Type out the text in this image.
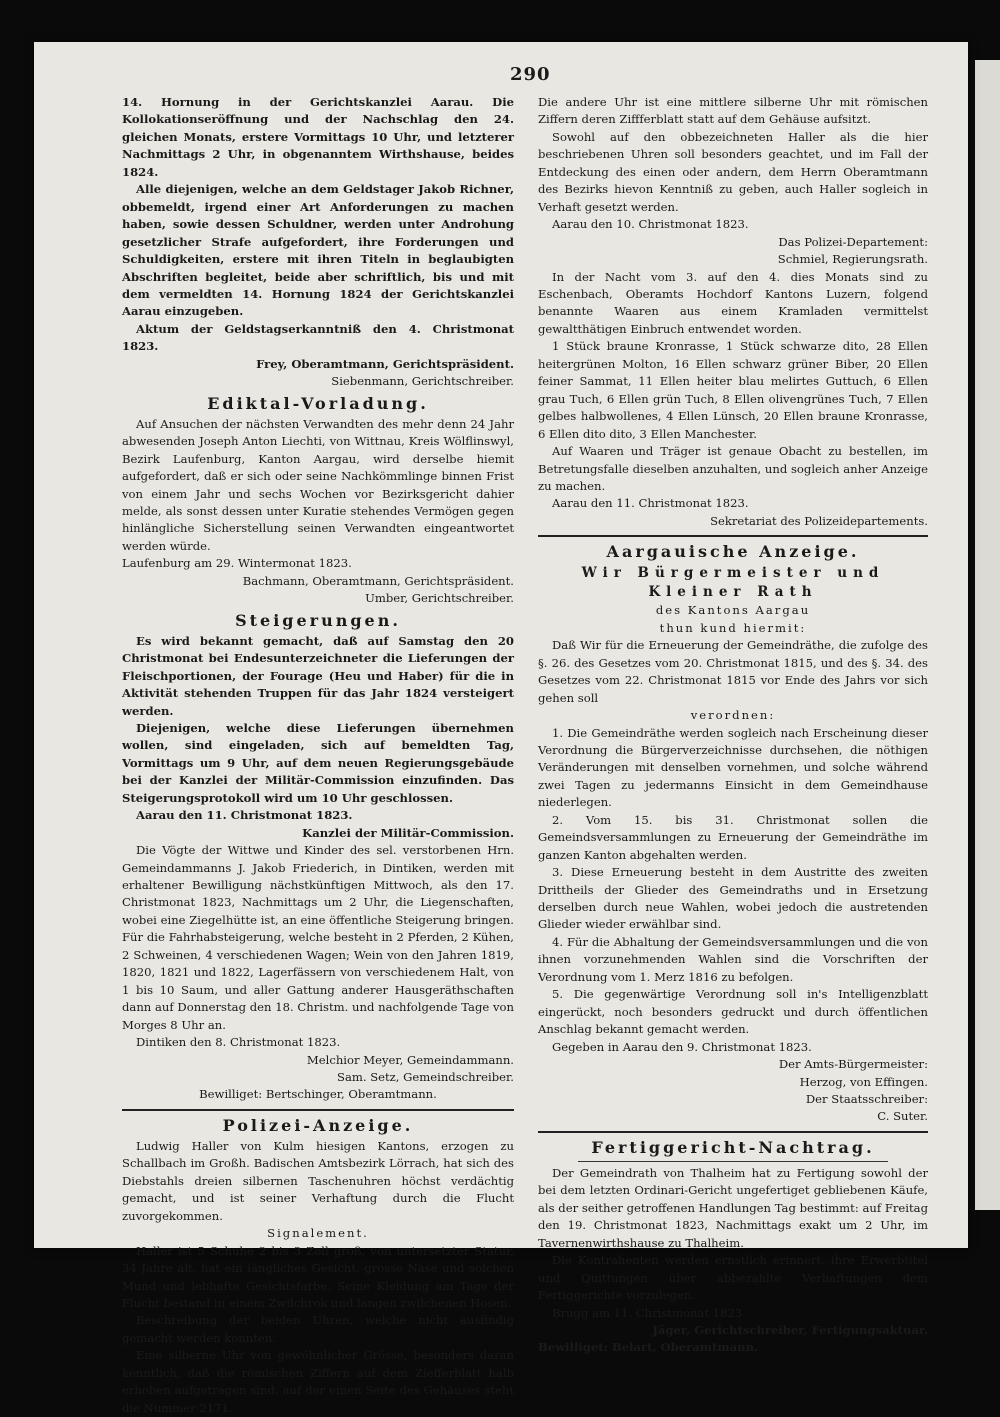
290

14. Hornung in der Gerichtskanzlei Aarau. Die Kollokationseröffnung und der Nachschlag den 24. gleichen Monats, erstere Vormittags 10 Uhr, und letzterer Nachmittags 2 Uhr, in obgenanntem Wirthshause, beides 1824.

Alle diejenigen, welche an dem Geldstager Jakob Richner, obbemeldt, irgend einer Art Anforderungen zu machen haben, sowie dessen Schuldner, werden unter Androhung gesetzlicher Strafe aufgefordert, ihre Forderungen und Schuldigkeiten, erstere mit ihren Titeln in beglaubigten Abschriften begleitet, beide aber schriftlich, bis und mit dem vermeldten 14. Hornung 1824 der Gerichtskanzlei Aarau einzugeben.

Aktum der Geldstagserkanntniß den 4. Christmonat 1823.

Frey, Oberamtmann, Gerichtspräsident.

Siebenmann, Gerichtschreiber.

Ediktal-Vorladung.

Auf Ansuchen der nächsten Verwandten des mehr denn 24 Jahr abwesenden Joseph Anton Liechti, von Wittnau, Kreis Wölflinswyl, Bezirk Laufenburg, Kanton Aargau, wird derselbe hiemit aufgefordert, daß er sich oder seine Nachkömmlinge binnen Frist von einem Jahr und sechs Wochen vor Bezirksgericht dahier melde, als sonst dessen unter Kuratie stehendes Vermögen gegen hinlängliche Sicherstellung seinen Verwandten eingeantwortet werden würde.

Laufenburg am 29. Wintermonat 1823.

Bachmann, Oberamtmann, Gerichtspräsident.

Umber, Gerichtschreiber.

Steigerungen.

Es wird bekannt gemacht, daß auf Samstag den 20 Christmonat bei Endesunterzeichneter die Lieferungen der Fleischportionen, der Fourage (Heu und Haber) für die in Aktivität stehenden Truppen für das Jahr 1824 versteigert werden.

Diejenigen, welche diese Lieferungen übernehmen wollen, sind eingeladen, sich auf bemeldten Tag, Vormittags um 9 Uhr, auf dem neuen Regierungsgebäude bei der Kanzlei der Militär-Commission einzufinden. Das Steigerungsprotokoll wird um 10 Uhr geschlossen.

Aarau den 11. Christmonat 1823.

Kanzlei der Militär-Commission.

Die Vögte der Wittwe und Kinder des sel. verstorbenen Hrn. Gemeindammanns J. Jakob Friederich, in Dintiken, werden mit erhaltener Bewilligung nächstkünftigen Mittwoch, als den 17. Christmonat 1823, Nachmittags um 2 Uhr, die Liegenschaften, wobei eine Ziegelhütte ist, an eine öffentliche Steigerung bringen. Für die Fahrhabsteigerung, welche besteht in 2 Pferden, 2 Kühen, 2 Schweinen, 4 verschiedenen Wagen; Wein von den Jahren 1819, 1820, 1821 und 1822, Lagerfässern von verschiedenem Halt, von 1 bis 10 Saum, und aller Gattung anderer Hausgeräthschaften dann auf Donnerstag den 18. Christm. und nachfolgende Tage von Morges 8 Uhr an.

Dintiken den 8. Christmonat 1823.

Melchior Meyer, Gemeindammann.

Sam. Setz, Gemeindschreiber.

Bewilliget: Bertschinger, Oberamtmann.

Polizei-Anzeige.

Ludwig Haller von Kulm hiesigen Kantons, erzogen zu Schallbach im Großh. Badischen Amtsbezirk Lörrach, hat sich des Diebstahls dreien silbernen Taschenuhren höchst verdächtig gemacht, und ist seiner Verhaftung durch die Flucht zuvorgekommen.

Signalement.

Haller ist 5 Schuhe 2 bis 3 Zoll groß, von untersetzter Statur, 34 Jahre alt, hat ein längliches Gesicht, grosse Nase und solchen Mund und lebhafte Gesichtsfarbe. Seine Kleidung am Tage der Flucht bestand in einem Zwilchrok und langen zwilchenen Hosen.

Beschreibung der beiden Uhren, welche nicht ausfindig gemacht werden konnten.

Eine silberne Uhr von gewöhnlicher Grösse, besonders daran kenntlich, daß die römischen Ziffern auf dem Ziefferblatt halb erhoben aufgetragen sind, auf der einen Seite des Gehäuses steht die Nummer 2171.

Die andere Uhr ist eine mittlere silberne Uhr mit römischen Ziffern deren Ziffferblatt statt auf dem Gehäuse aufsitzt.

Sowohl auf den obbezeichneten Haller als die hier beschriebenen Uhren soll besonders geachtet, und im Fall der Entdeckung des einen oder andern, dem Herrn Oberamtmann des Bezirks hievon Kenntniß zu geben, auch Haller sogleich in Verhaft gesetzt werden.

Aarau den 10. Christmonat 1823.

Das Polizei-Departement:

Schmiel, Regierungsrath.

In der Nacht vom 3. auf den 4. dies Monats sind zu Eschenbach, Oberamts Hochdorf Kantons Luzern, folgend benannte Waaren aus einem Kramladen vermittelst gewaltthätigen Einbruch entwendet worden.

1 Stück braune Kronrasse, 1 Stück schwarze dito, 28 Ellen heitergrünen Molton, 16 Ellen schwarz grüner Biber, 20 Ellen feiner Sammat, 11 Ellen heiter blau melirtes Guttuch, 6 Ellen grau Tuch, 6 Ellen grün Tuch, 8 Ellen olivengrünes Tuch, 7 Ellen gelbes halbwollenes, 4 Ellen Lünsch, 20 Ellen braune Kronrasse, 6 Ellen dito dito, 3 Ellen Manchester.

Auf Waaren und Träger ist genaue Obacht zu bestellen, im Betretungsfalle dieselben anzuhalten, und sogleich anher Anzeige zu machen.

Aarau den 11. Christmonat 1823.

Sekretariat des Polizeidepartements.

Aargauische Anzeige.
Wir Bürgermeister und Kleiner Rath

des Kantons Aargau

thun kund hiermit:

Daß Wir für die Erneuerung der Gemeindräthe, die zufolge des §. 26. des Gesetzes vom 20. Christmonat 1815, und des §. 34. des Gesetzes vom 22. Christmonat 1815 vor Ende des Jahrs vor sich gehen soll

verordnen:

1. Die Gemeindräthe werden sogleich nach Erscheinung dieser Verordnung die Bürgerverzeichnisse durchsehen, die nöthigen Veränderungen mit denselben vornehmen, und solche während zwei Tagen zu jedermanns Einsicht in dem Gemeindhause niederlegen.

2. Vom 15. bis 31. Christmonat sollen die Gemeindsversammlungen zu Erneuerung der Gemeindräthe im ganzen Kanton abgehalten werden.

3. Diese Erneuerung besteht in dem Austritte des zweiten Drittheils der Glieder des Gemeindraths und in Ersetzung derselben durch neue Wahlen, wobei jedoch die austretenden Glieder wieder erwählbar sind.

4. Für die Abhaltung der Gemeindsversammlungen und die von ihnen vorzunehmenden Wahlen sind die Vorschriften der Verordnung vom 1. Merz 1816 zu befolgen.

5. Die gegenwärtige Verordnung soll in's Intelligenzblatt eingerückt, noch besonders gedruckt und durch öffentlichen Anschlag bekannt gemacht werden.

Gegeben in Aarau den 9. Christmonat 1823.

Der Amts-Bürgermeister:

Herzog, von Effingen.

Der Staatsschreiber:

C. Suter.

Fertiggericht-Nachtrag.

Der Gemeindrath von Thalheim hat zu Fertigung sowohl der bei dem letzten Ordinari-Gericht ungefertiget gebliebenen Käufe, als der seither getroffenen Handlungen Tag bestimmt: auf Freitag den 19. Christmonat 1823, Nachmittags exakt um 2 Uhr, im Tavernenwirthshause zu Thalheim.

Die Kontrahenten werden ernstlich erinnert, ihre Erwerbtitel und Quittungen über abbezahlte Verhaftungen dem Fertiggerichte vorzulegen.

Brugg am 11. Christmonat 1823.

Jäger, Gerichtschreiber, Fertigungsaktuar.

Bewilliget: Belart, Oberamtmann.
